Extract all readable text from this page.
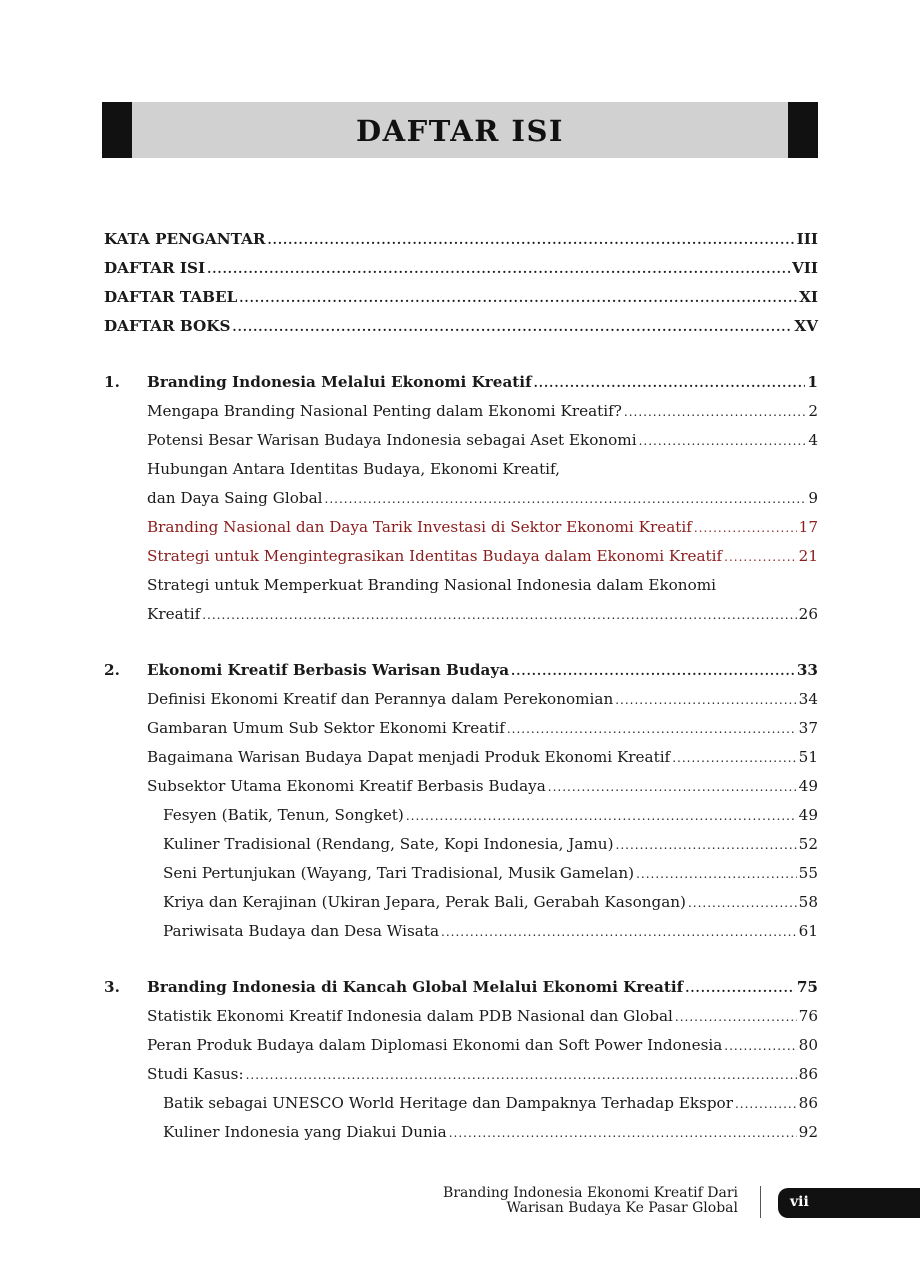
DAFTAR ISI
KATA PENGANTAR .....	III
DAFTAR ISI .....	VII
DAFTAR TABEL .....	XI
DAFTAR BOKS .....	XV
1. Branding Indonesia Melalui Ekonomi Kreatif .....	1
Mengapa Branding Nasional Penting dalam Ekonomi Kreatif? .....	2
Potensi Besar Warisan Budaya Indonesia sebagai Aset Ekonomi .....	4
Hubungan Antara Identitas Budaya, Ekonomi Kreatif,
dan Daya Saing Global .....	9
Branding Nasional dan Daya Tarik Investasi di Sektor Ekonomi Kreatif .....	17
Strategi untuk Mengintegrasikan Identitas Budaya dalam Ekonomi Kreatif .....	21
Strategi untuk Memperkuat Branding Nasional Indonesia dalam Ekonomi
Kreatif .....	26
2. Ekonomi Kreatif Berbasis Warisan Budaya .....	33
Definisi Ekonomi Kreatif dan Perannya dalam Perekonomian .....	34
Gambaran Umum Sub Sektor Ekonomi Kreatif .....	37
Bagaimana Warisan Budaya Dapat menjadi Produk Ekonomi Kreatif .....	51
Subsektor Utama Ekonomi Kreatif Berbasis Budaya .....	49
Fesyen (Batik, Tenun, Songket) .....	49
Kuliner Tradisional (Rendang, Sate, Kopi Indonesia, Jamu) .....	52
Seni Pertunjukan (Wayang, Tari Tradisional, Musik Gamelan) .....	55
Kriya dan Kerajinan (Ukiran Jepara, Perak Bali, Gerabah Kasongan) .....	58
Pariwisata Budaya dan Desa Wisata .....	61
3. Branding Indonesia di Kancah Global Melalui Ekonomi Kreatif .....	75
Statistik Ekonomi Kreatif Indonesia dalam PDB Nasional dan Global .....	76
Peran Produk Budaya dalam Diplomasi Ekonomi dan Soft Power Indonesia .....	80
Studi Kasus: .....	86
Batik sebagai UNESCO World Heritage dan Dampaknya Terhadap Ekspor .....	86
Kuliner Indonesia yang Diakui Dunia .....	92
Branding Indonesia Ekonomi Kreatif Dari
Warisan Budaya Ke Pasar Global	vii
